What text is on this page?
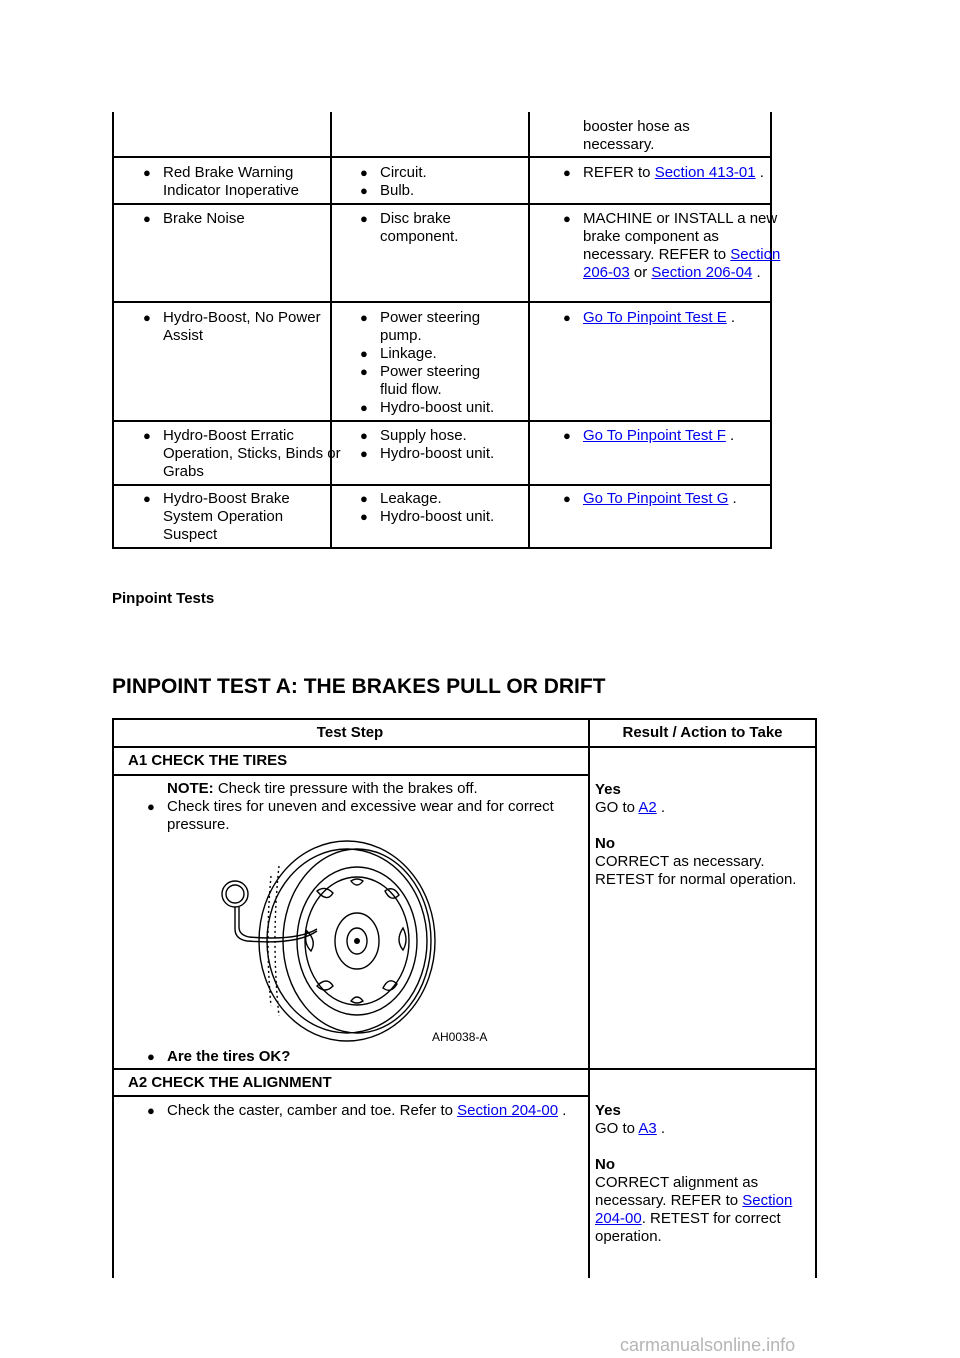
booster hose as necessary.
● Red Brake Warning Indicator Inoperative
● Circuit.
● Bulb.
● REFER to Section 413-01 .
● Brake Noise
●	Disc brake component.
● MACHINE or INSTALL a new brake component as necessary. REFER to Section 206-03 or Section 206-04 .
● Hydro-Boost, No Power Assist
● Power steering pump.
● Linkage.
● Power steering fluid flow.
● Hydro-boost unit.
● Go To Pinpoint Test E .
● Hydro-Boost Erratic Operation, Sticks, Binds or Grabs
● Supply hose.
● Hydro-boost unit.
● Go To Pinpoint Test F .
● Hydro-Boost Brake System Operation Suspect
● Leakage.
● Hydro-boost unit.
● Go To Pinpoint Test G .
Pinpoint Tests
PINPOINT TEST A: THE BRAKES PULL OR DRIFT
Test Step	Result / Action to Take
A1 CHECK THE TIRES
NOTE: Check tire pressure with the brakes off.
● Check tires for uneven and excessive wear and for correct pressure.
AH0038-A
● Are the tires OK?
Yes
GO to A2 .
No
CORRECT as necessary. RETEST for normal operation.
A2 CHECK THE ALIGNMENT
● Check the caster, camber and toe. Refer to Section 204-00 .	Yes
GO to A3 .
No
CORRECT alignment as necessary. REFER to Section 204-00. RETEST for correct operation.
carmanualsonline.info
